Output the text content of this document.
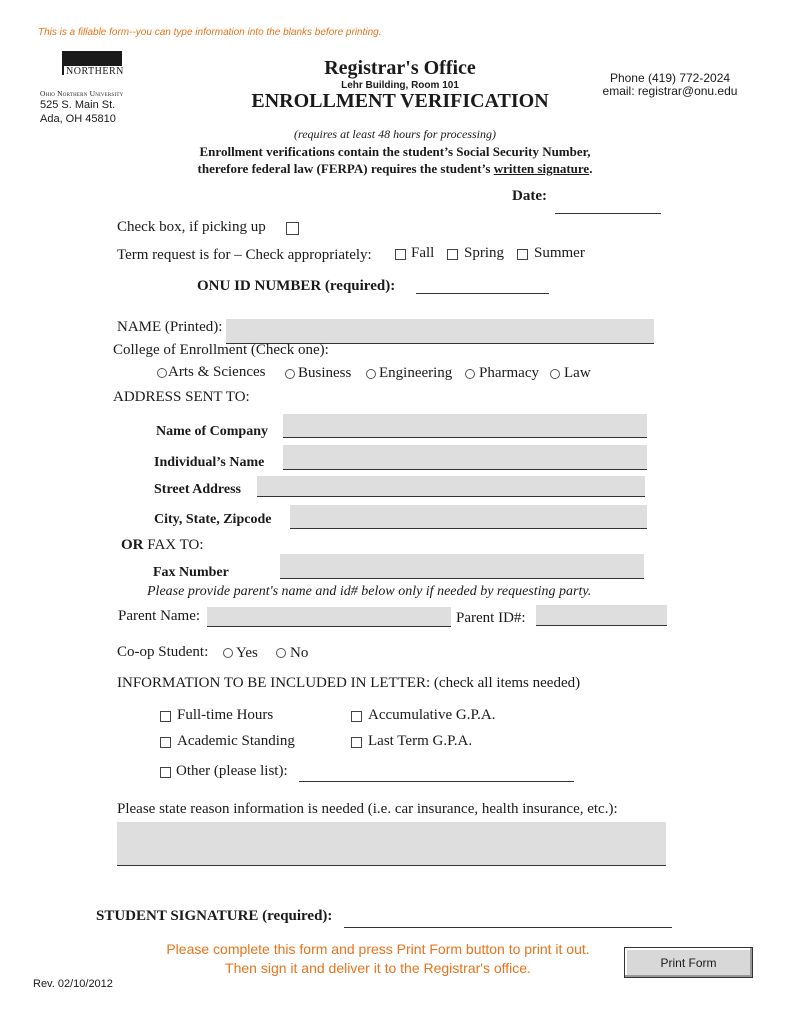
This is a fillable form--you can type information into the blanks before printing.
NORTHERN
Ohio Northern University
525 S. Main St.
Ada, OH 45810
Registrar's Office
Lehr Building, Room 101
ENROLLMENT VERIFICATION
Phone (419) 772-2024
email: registrar@onu.edu
(requires at least 48 hours for processing)
Enrollment verifications contain the student’s Social Security Number,
therefore federal law (FERPA) requires the student’s written signature.
Date:
Check box, if picking up
Term request is for – Check appropriately:	Fall Spring Summer
ONU ID NUMBER (required):
NAME (Printed):
College of Enrollment (Check one):
Arts & Sciences Business Engineering Pharmacy Law
ADDRESS SENT TO:
Name of Company
Individual’s Name
Street Address
City, State, Zipcode
OR FAX TO:
Fax Number
Please provide parent's name and id# below only if needed by requesting party.
Parent Name:	Parent ID#:
Co-op Student: Yes No
INFORMATION TO BE INCLUDED IN LETTER: (check all items needed)
Full-time Hours	Accumulative G.P.A.
Academic Standing	Last Term G.P.A.
Other (please list):
Please state reason information is needed (i.e. car insurance, health insurance, etc.):
STUDENT SIGNATURE (required):
Please complete this form and press Print Form button to print it out.
Then sign it and deliver it to the Registrar's office.	Print Form
Rev. 02/10/2012
